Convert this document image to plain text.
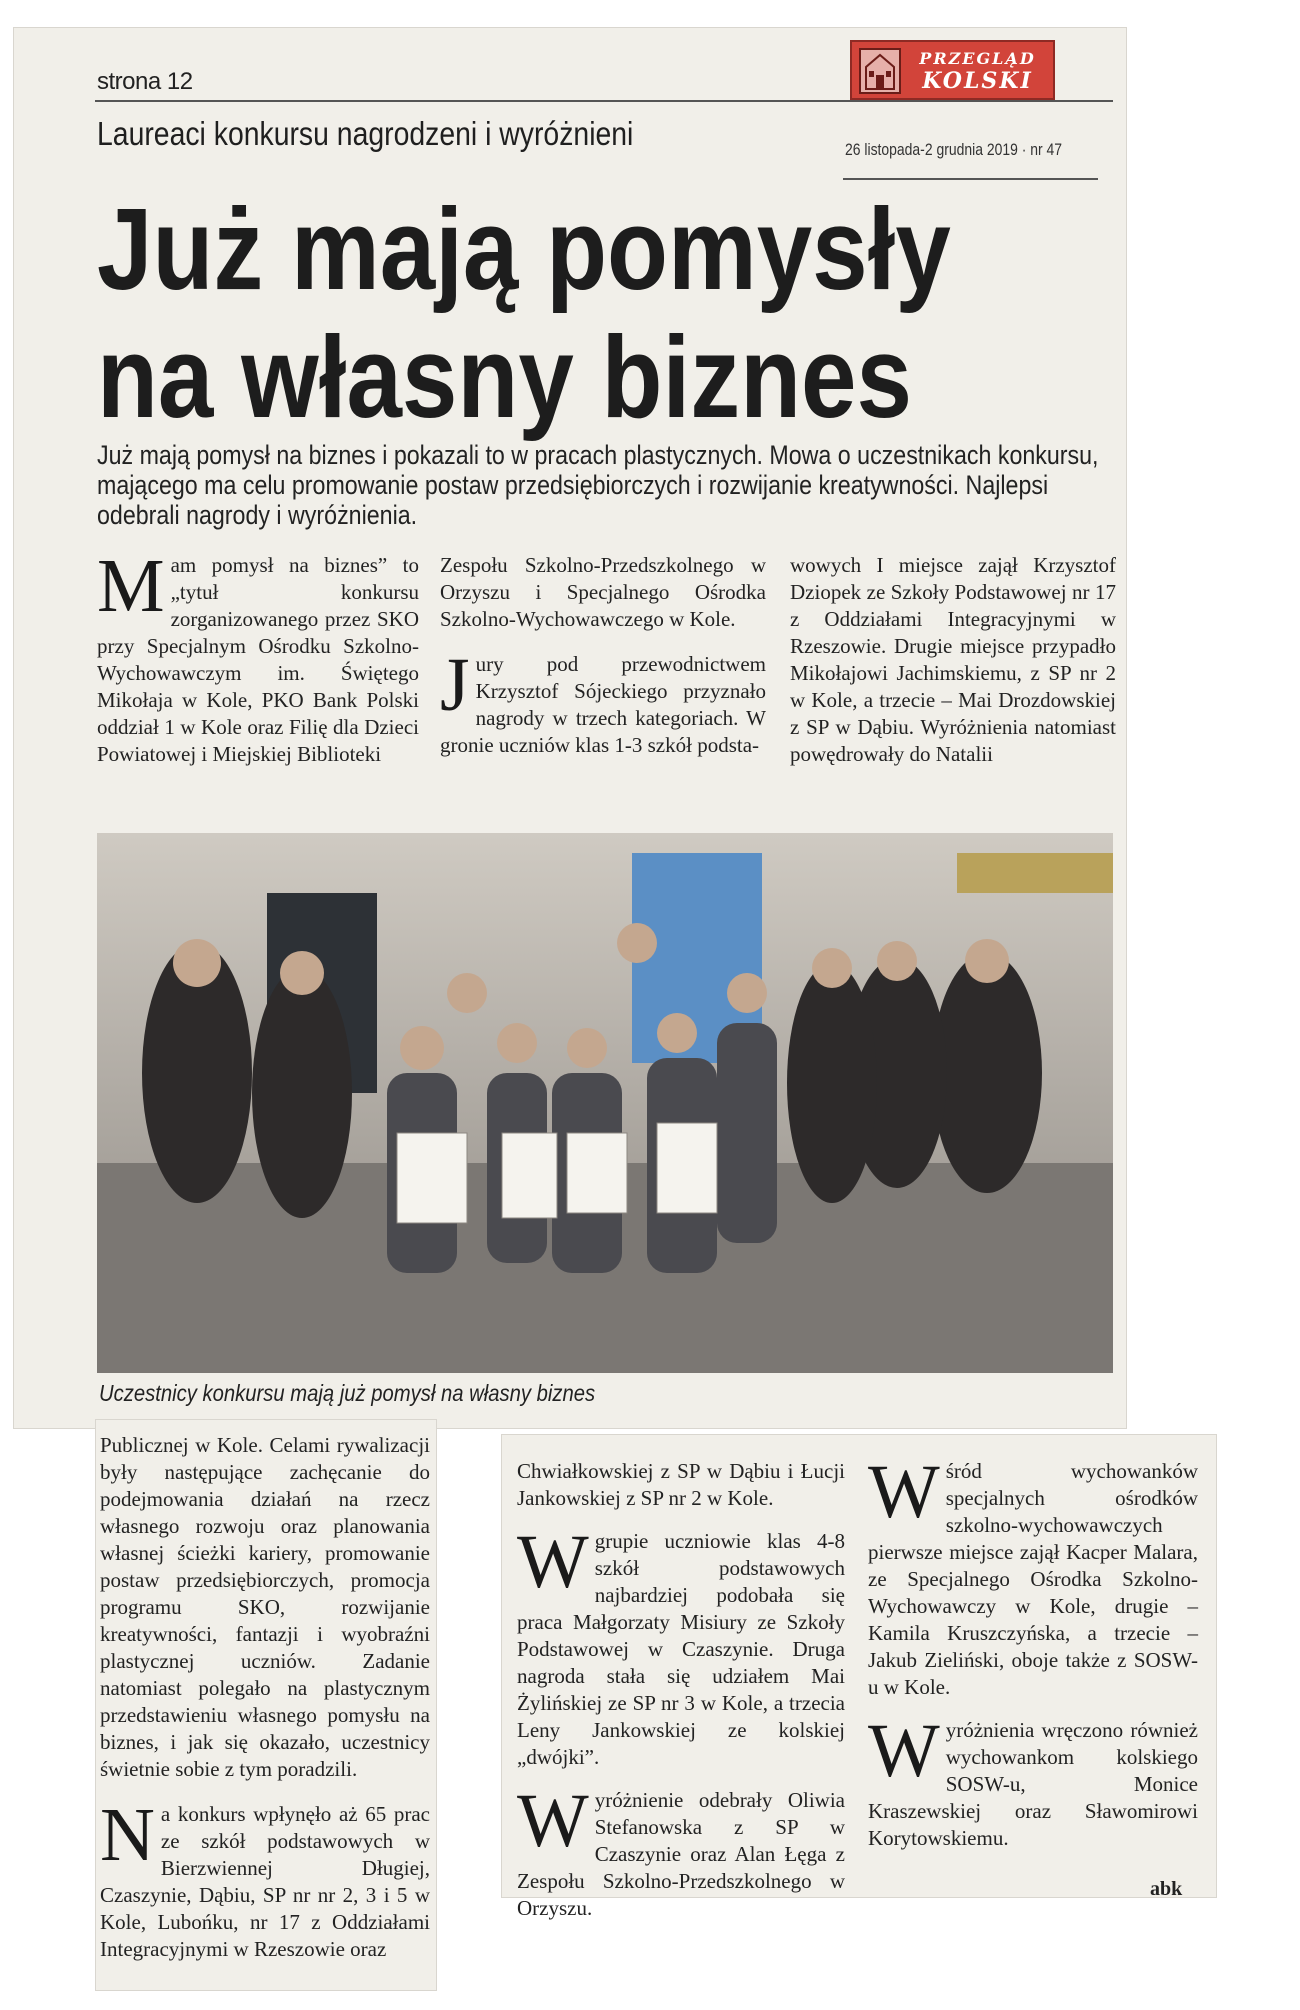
strona 12
PRZEGLĄD
KOLSKI
Laureaci konkursu nagrodzeni i wyróżnieni	26 listopada-2 grudnia 2019 · nr 47
Już mają pomysły
na własny biznes
Już mają pomysł na biznes i pokazali to w pracach plastycznych. Mowa o uczestnikach konkursu, mającego ma celu promowanie postaw przedsiębiorczych i rozwijanie kreatywności. Najlepsi odebrali nagrody i wyróżnienia.

Mam pomysł na biznes” to „tytuł konkursu zorganizowanego przez SKO przy Specjalnym Ośrodku Szkolno-Wychowawczym im. Świętego Mikołaja w Kole, PKO Bank Polski oddział 1 w Kole oraz Filię dla Dzieci Powiatowej i Miejskiej Biblioteki

Zespołu Szkolno-Przedszkolnego w Orzyszu i Specjalnego Ośrodka Szkolno-Wychowawczego w Kole.

Jury pod przewodnictwem Krzysztof Sójeckiego przyznało nagrody w trzech kategoriach. W gronie uczniów klas 1-3 szkół podsta-

wowych I miejsce zajął Krzysztof Dziopek ze Szkoły Podstawowej nr 17 z Oddziałami Integracyjnymi w Rzeszowie. Drugie miejsce przypadło Mikołajowi Jachimskiemu, z SP nr 2 w Kole, a trzecie – Mai Drozdowskiej z SP w Dąbiu. Wyróżnienia natomiast powędrowały do Natalii

Uczestnicy konkursu mają już pomysł na własny biznes

Publicznej w Kole. Celami rywalizacji były następujące zachęcanie do podejmowania działań na rzecz własnego rozwoju oraz planowania własnej ścieżki kariery, promowanie postaw przedsiębiorczych, promocja programu SKO, rozwijanie kreatywności, fantazji i wyobraźni plastycznej uczniów. Zadanie natomiast polegało na plastycznym przedstawieniu własnego pomysłu na biznes, i jak się okazało, uczestnicy świetnie sobie z tym poradzili.

Na konkurs wpłynęło aż 65 prac ze szkół podstawowych w Bierzwiennej Długiej, Czaszynie, Dąbiu, SP nr nr 2, 3 i 5 w Kole, Lubońku, nr 17 z Oddziałami Integracyjnymi w Rzeszowie oraz

Chwiałkowskiej z SP w Dąbiu i Łucji Jankowskiej z SP nr 2 w Kole.

W grupie uczniowie klas 4-8 szkół podstawowych najbardziej podobała się praca Małgorzaty Misiury ze Szkoły Podstawowej w Czaszynie. Druga nagroda stała się udziałem Mai Żylińskiej ze SP nr 3 w Kole, a trzecia Leny Jankowskiej ze kolskiej „dwójki”.

Wyróżnienie odebrały Oliwia Stefanowska z SP w Czaszynie oraz Alan Łęga z Zespołu Szkolno-Przedszkolnego w Orzyszu.

Wśród wychowanków specjalnych ośrodków szkolno-wychowawczych pierwsze miejsce zajął Kacper Malara, ze Specjalnego Ośrodka Szkolno-Wychowawczy w Kole, drugie – Kamila Kruszczyńska, a trzecie – Jakub Zieliński, oboje także z SOSW-u w Kole.

Wyróżnienia wręczono również wychowankom kolskiego SOSW-u, Monice Kraszewskiej oraz Sławomirowi Korytowskiemu.

abk
